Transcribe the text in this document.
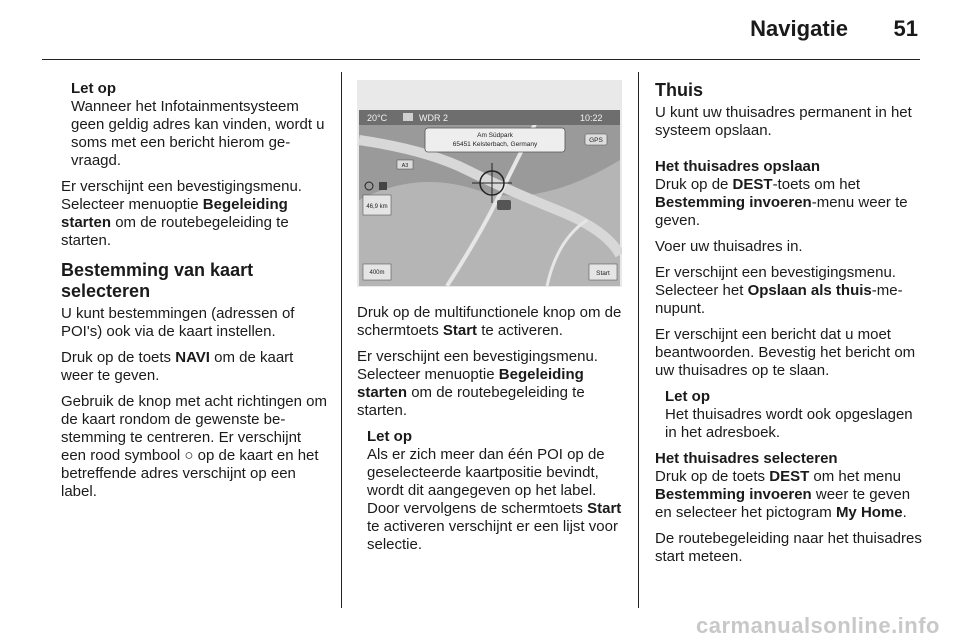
Navigatie 51
Let op
Wanneer het Infotainmentsysteem geen geldig adres kan vinden, wordt u soms met een bericht hierom gevraagd.

Er verschijnt een bevestigingsmenu. Selecteer menuoptie Begeleiding starten om de routebegeleiding te starten.

Bestemming van kaart selecteren

U kunt bestemmingen (adressen of POI's) ook via de kaart instellen.

Druk op de toets NAVI om de kaart weer te geven.

Gebruik de knop met acht richtingen om de kaart rondom de gewenste bestemming te centreren. Er verschijnt een rood symbool ○ op de kaart en het betreffende adres verschijnt op een label.

20°C	WDR 2	10:22
Am Südpark
65451 Kelsterbach, Germany
GPS
A3
46,9 km
400m	Start

Druk op de multifunctionele knop om de schermtoets Start te activeren.

Er verschijnt een bevestigingsmenu. Selecteer menuoptie Begeleiding starten om de routebegeleiding te starten.

Let op
Als er zich meer dan één POI op de geselecteerde kaartpositie bevindt, wordt dit aangegeven op het label. Door vervolgens de schermtoets Start te activeren verschijnt er een lijst voor selectie.
Thuis

U kunt uw thuisadres permanent in het systeem opslaan.

Het thuisadres opslaan

Druk op de DEST-toets om het Bestemming invoeren-menu weer te geven.

Voer uw thuisadres in.

Er verschijnt een bevestigingsmenu. Selecteer het Opslaan als thuis-menupunt.

Er verschijnt een bericht dat u moet beantwoorden. Bevestig het bericht om uw thuisadres op te slaan.

Let op
Het thuisadres wordt ook opgeslagen in het adresboek.
Het thuisadres selecteren

Druk op de toets DEST om het menu Bestemming invoeren weer te geven en selecteer het pictogram My Home.

De routebegeleiding naar het thuisadres start meteen.

carmanualsonline.info
